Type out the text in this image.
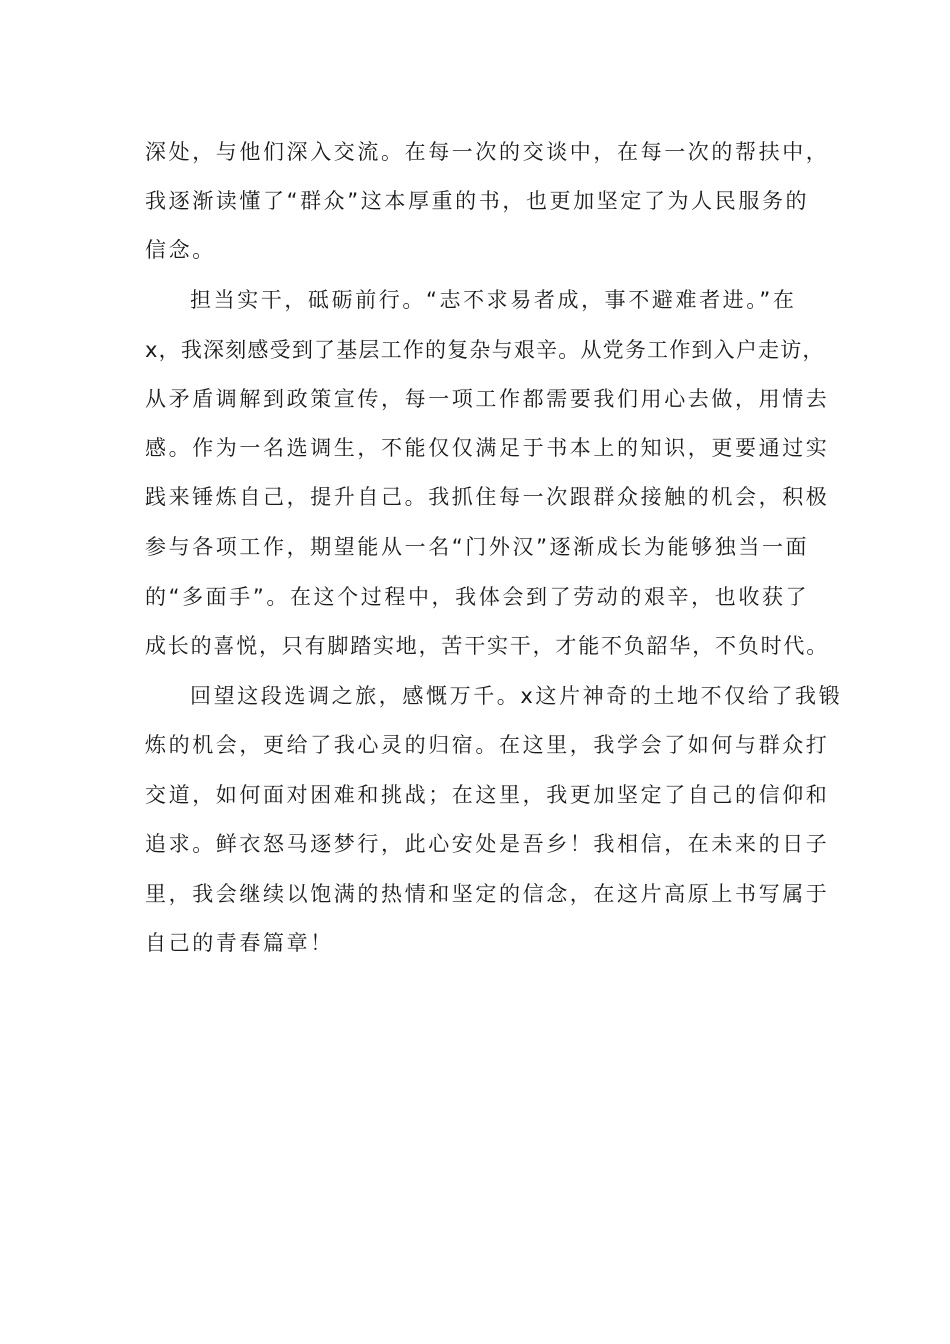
深处，与他们深入交流。在每一次的交谈中，在每一次的帮扶中，
我逐渐读懂了“群众”这本厚重的书，也更加坚定了为人民服务的
信念。
担当实干，砥砺前行。“志不求易者成，事不避难者进。”在
x，我深刻感受到了基层工作的复杂与艰辛。从党务工作到入户走访，
从矛盾调解到政策宣传，每一项工作都需要我们用心去做，用情去
感。作为一名选调生，不能仅仅满足于书本上的知识，更要通过实
践来锤炼自己，提升自己。我抓住每一次跟群众接触的机会，积极
参与各项工作，期望能从一名“门外汉”逐渐成长为能够独当一面
的“多面手”。在这个过程中，我体会到了劳动的艰辛，也收获了
成长的喜悦，只有脚踏实地，苦干实干，才能不负韶华，不负时代。
回望这段选调之旅，感慨万千。x这片神奇的土地不仅给了我锻
炼的机会，更给了我心灵的归宿。在这里，我学会了如何与群众打
交道，如何面对困难和挑战；在这里，我更加坚定了自己的信仰和
追求。鲜衣怒马逐梦行，此心安处是吾乡！我相信，在未来的日子
里，我会继续以饱满的热情和坚定的信念，在这片高原上书写属于
自己的青春篇章！
